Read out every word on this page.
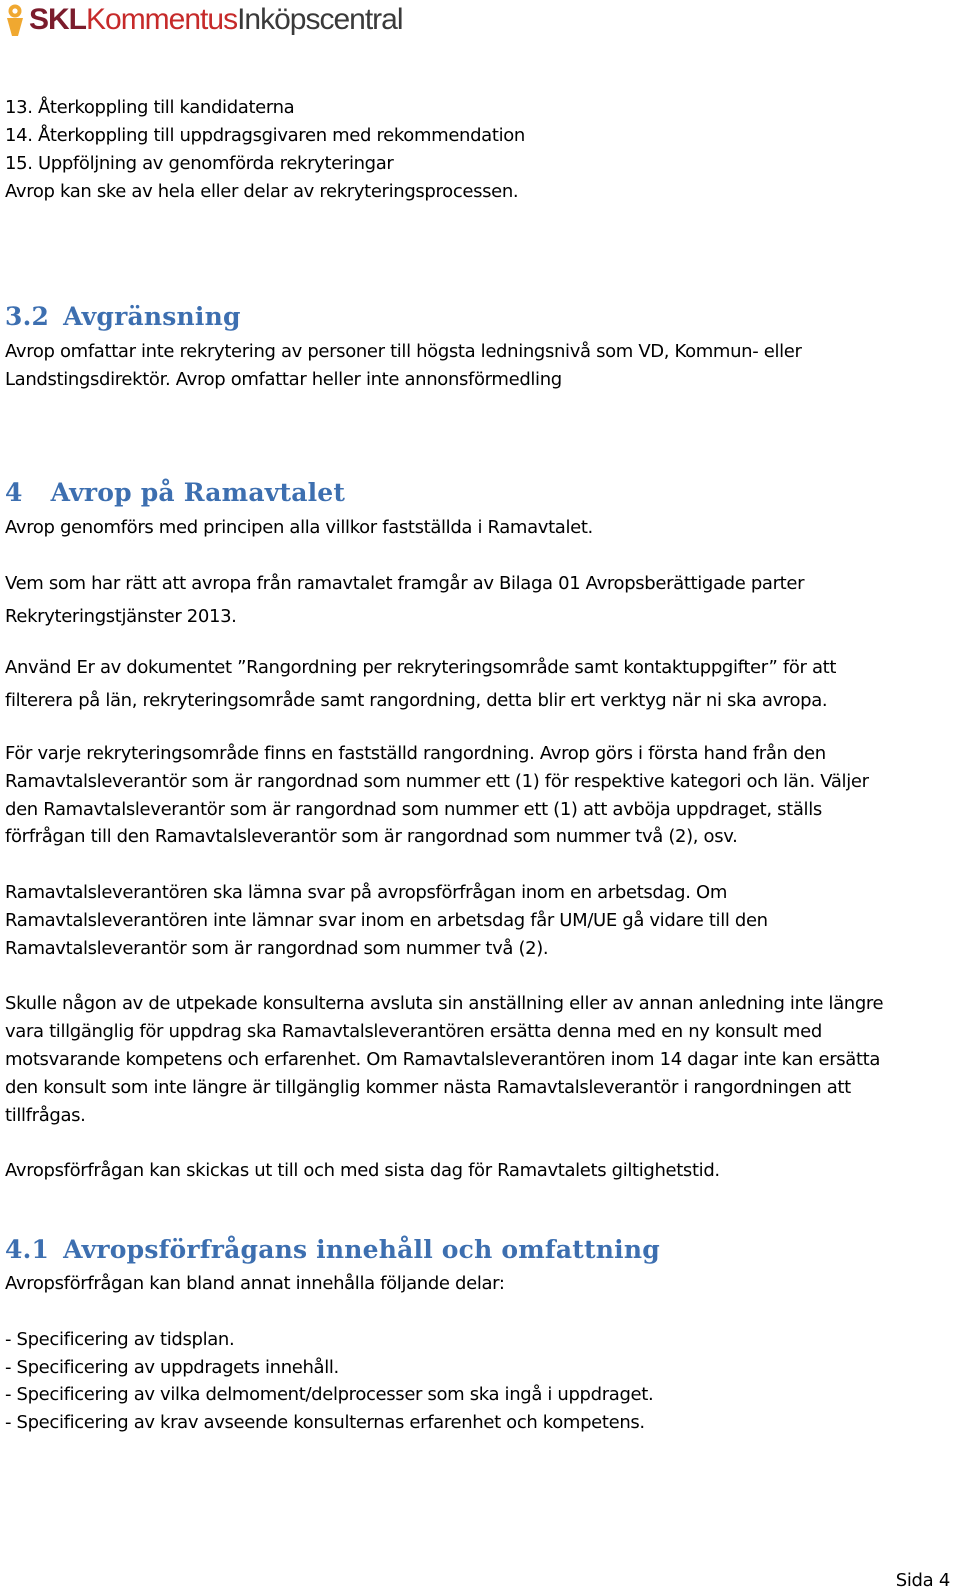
SKLKommentusInköpscentral
13. Återkoppling till kandidaterna
14. Återkoppling till uppdragsgivaren med rekommendation
15. Uppföljning av genomförda rekryteringar
Avrop kan ske av hela eller delar av rekryteringsprocessen.
3.2 Avgränsning
Avrop omfattar inte rekrytering av personer till högsta ledningsnivå som VD, Kommun- eller
Landstingsdirektör. Avrop omfattar heller inte annonsförmedling
4 Avrop på Ramavtalet
Avrop genomförs med principen alla villkor fastställda i Ramavtalet.
Vem som har rätt att avropa från ramavtalet framgår av Bilaga 01 Avropsberättigade parter
Rekryteringstjänster 2013.
Använd Er av dokumentet ”Rangordning per rekryteringsområde samt kontaktuppgifter” för att
filterera på län, rekryteringsområde samt rangordning, detta blir ert verktyg när ni ska avropa.
För varje rekryteringsområde finns en fastställd rangordning. Avrop görs i första hand från den
Ramavtalsleverantör som är rangordnad som nummer ett (1) för respektive kategori och län. Väljer
den Ramavtalsleverantör som är rangordnad som nummer ett (1) att avböja uppdraget, ställs
förfrågan till den Ramavtalsleverantör som är rangordnad som nummer två (2), osv.
Ramavtalsleverantören ska lämna svar på avropsförfrågan inom en arbetsdag. Om
Ramavtalsleverantören inte lämnar svar inom en arbetsdag får UM/UE gå vidare till den
Ramavtalsleverantör som är rangordnad som nummer två (2).
Skulle någon av de utpekade konsulterna avsluta sin anställning eller av annan anledning inte längre
vara tillgänglig för uppdrag ska Ramavtalsleverantören ersätta denna med en ny konsult med
motsvarande kompetens och erfarenhet. Om Ramavtalsleverantören inom 14 dagar inte kan ersätta
den konsult som inte längre är tillgänglig kommer nästa Ramavtalsleverantör i rangordningen att
tillfrågas.
Avropsförfrågan kan skickas ut till och med sista dag för Ramavtalets giltighetstid.
4.1 Avropsförfrågans innehåll och omfattning
Avropsförfrågan kan bland annat innehålla följande delar:
- Specificering av tidsplan.
- Specificering av uppdragets innehåll.
- Specificering av vilka delmoment/delprocesser som ska ingå i uppdraget.
- Specificering av krav avseende konsulternas erfarenhet och kompetens.
Sida 4
